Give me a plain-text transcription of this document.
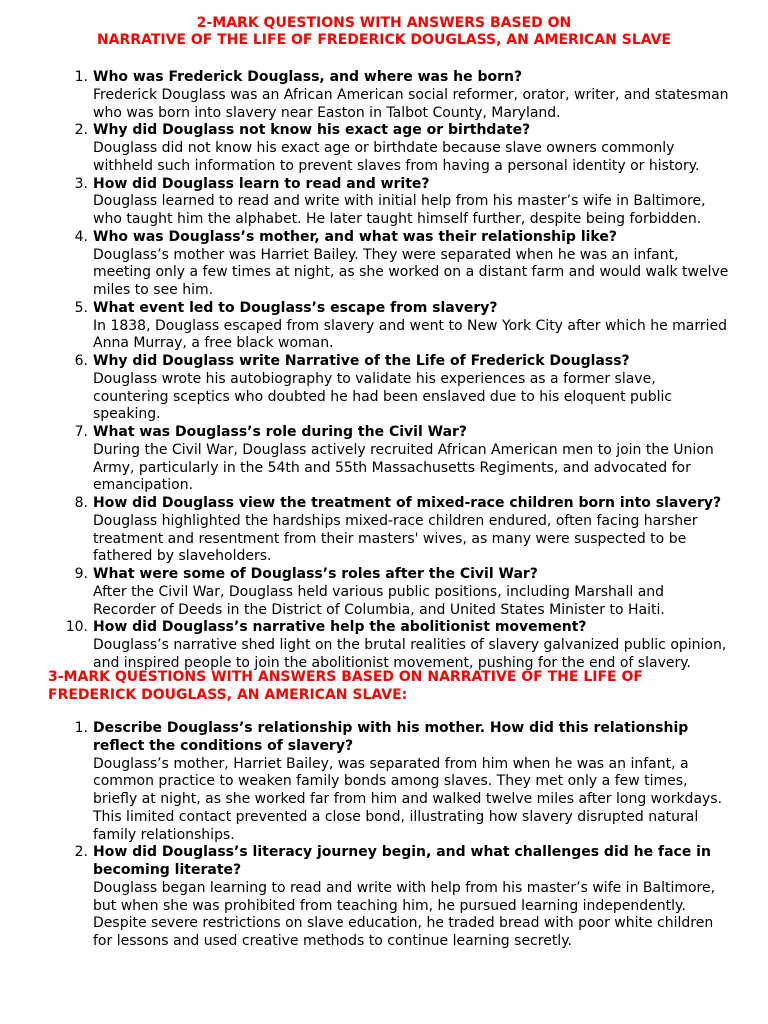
2-MARK QUESTIONS WITH ANSWERS BASED ON
NARRATIVE OF THE LIFE OF FREDERICK DOUGLASS, AN AMERICAN SLAVE
1. Who was Frederick Douglass, and where was he born?
Frederick Douglass was an African American social reformer, orator, writer, and statesman who was born into slavery near Easton in Talbot County, Maryland.
2. Why did Douglass not know his exact age or birthdate?
Douglass did not know his exact age or birthdate because slave owners commonly withheld such information to prevent slaves from having a personal identity or history.
3. How did Douglass learn to read and write?
Douglass learned to read and write with initial help from his master’s wife in Baltimore, who taught him the alphabet. He later taught himself further, despite being forbidden.
4. Who was Douglass’s mother, and what was their relationship like?
Douglass’s mother was Harriet Bailey. They were separated when he was an infant, meeting only a few times at night, as she worked on a distant farm and would walk twelve miles to see him.
5. What event led to Douglass’s escape from slavery?
In 1838, Douglass escaped from slavery and went to New York City after which he married Anna Murray, a free black woman.
6. Why did Douglass write Narrative of the Life of Frederick Douglass?
Douglass wrote his autobiography to validate his experiences as a former slave, countering sceptics who doubted he had been enslaved due to his eloquent public speaking.
7. What was Douglass’s role during the Civil War?
During the Civil War, Douglass actively recruited African American men to join the Union Army, particularly in the 54th and 55th Massachusetts Regiments, and advocated for emancipation.
8. How did Douglass view the treatment of mixed-race children born into slavery?
Douglass highlighted the hardships mixed-race children endured, often facing harsher treatment and resentment from their masters' wives, as many were suspected to be fathered by slaveholders.
9. What were some of Douglass’s roles after the Civil War?
After the Civil War, Douglass held various public positions, including Marshall and Recorder of Deeds in the District of Columbia, and United States Minister to Haiti.
10. How did Douglass’s narrative help the abolitionist movement?
Douglass’s narrative shed light on the brutal realities of slavery galvanized public opinion, and inspired people to join the abolitionist movement, pushing for the end of slavery.
3-MARK QUESTIONS WITH ANSWERS BASED ON NARRATIVE OF THE LIFE OF
FREDERICK DOUGLASS, AN AMERICAN SLAVE:
1. Describe Douglass’s relationship with his mother. How did this relationship reflect the conditions of slavery?
Douglass’s mother, Harriet Bailey, was separated from him when he was an infant, a common practice to weaken family bonds among slaves. They met only a few times, briefly at night, as she worked far from him and walked twelve miles after long workdays. This limited contact prevented a close bond, illustrating how slavery disrupted natural family relationships.
2. How did Douglass’s literacy journey begin, and what challenges did he face in becoming literate?
Douglass began learning to read and write with help from his master’s wife in Baltimore, but when she was prohibited from teaching him, he pursued learning independently. Despite severe restrictions on slave education, he traded bread with poor white children for lessons and used creative methods to continue learning secretly.
